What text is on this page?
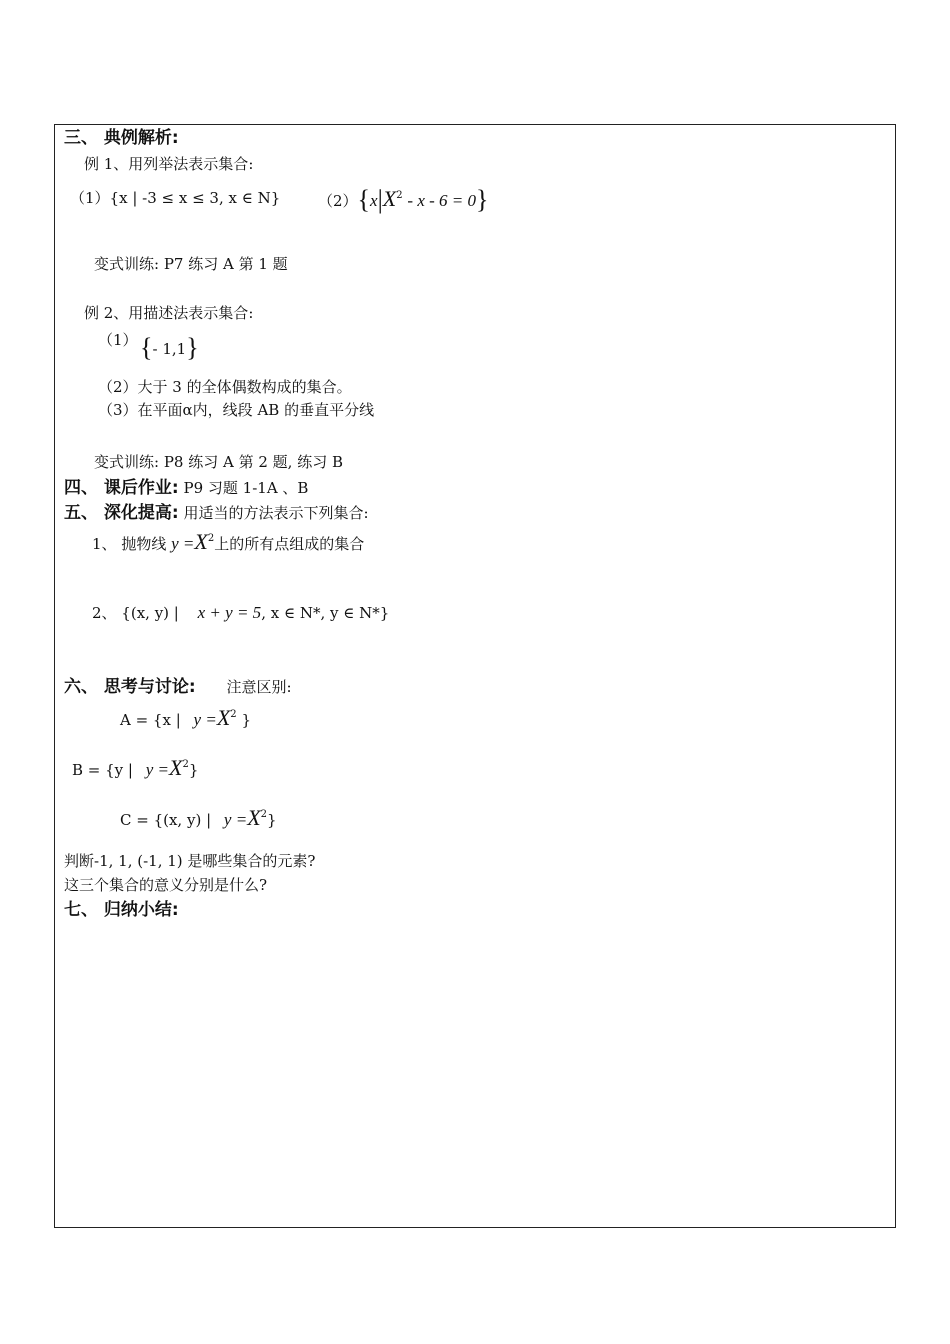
三、 典例解析:
例 1、用列举法表示集合:
（1）{x | -3 ≤ x ≤ 3, x ∈ N}	$(2)\{x|X^2 - x - 6 = 0\}$
变式训练: P7 练习 A 第 1 题
例 2、用描述法表示集合:
（1） {- 1,1}
（2）大于 3 的全体偶数构成的集合。
（3）在平面α内，线段 AB 的垂直平分线
变式训练: P8 练习 A 第 2 题, 练习 B
四、 课后作业: P9 习题 1-1A 、B
五、 深化提高: 用适当的方法表示下列集合:
1、 抛物线 $y =X^2$上的所有点组成的集合
2、 {(x, y) | x + y = 5, x ∈ N*, y ∈ N*}
六、 思考与讨论: 注意区别:
A = {x | $y =X^2$ }
B = {y | $y =X^2$}
C = {(x, y) | $y =X^2$}
判断-1, 1, (-1, 1) 是哪些集合的元素?
这三个集合的意义分别是什么?
七、 归纳小结:
